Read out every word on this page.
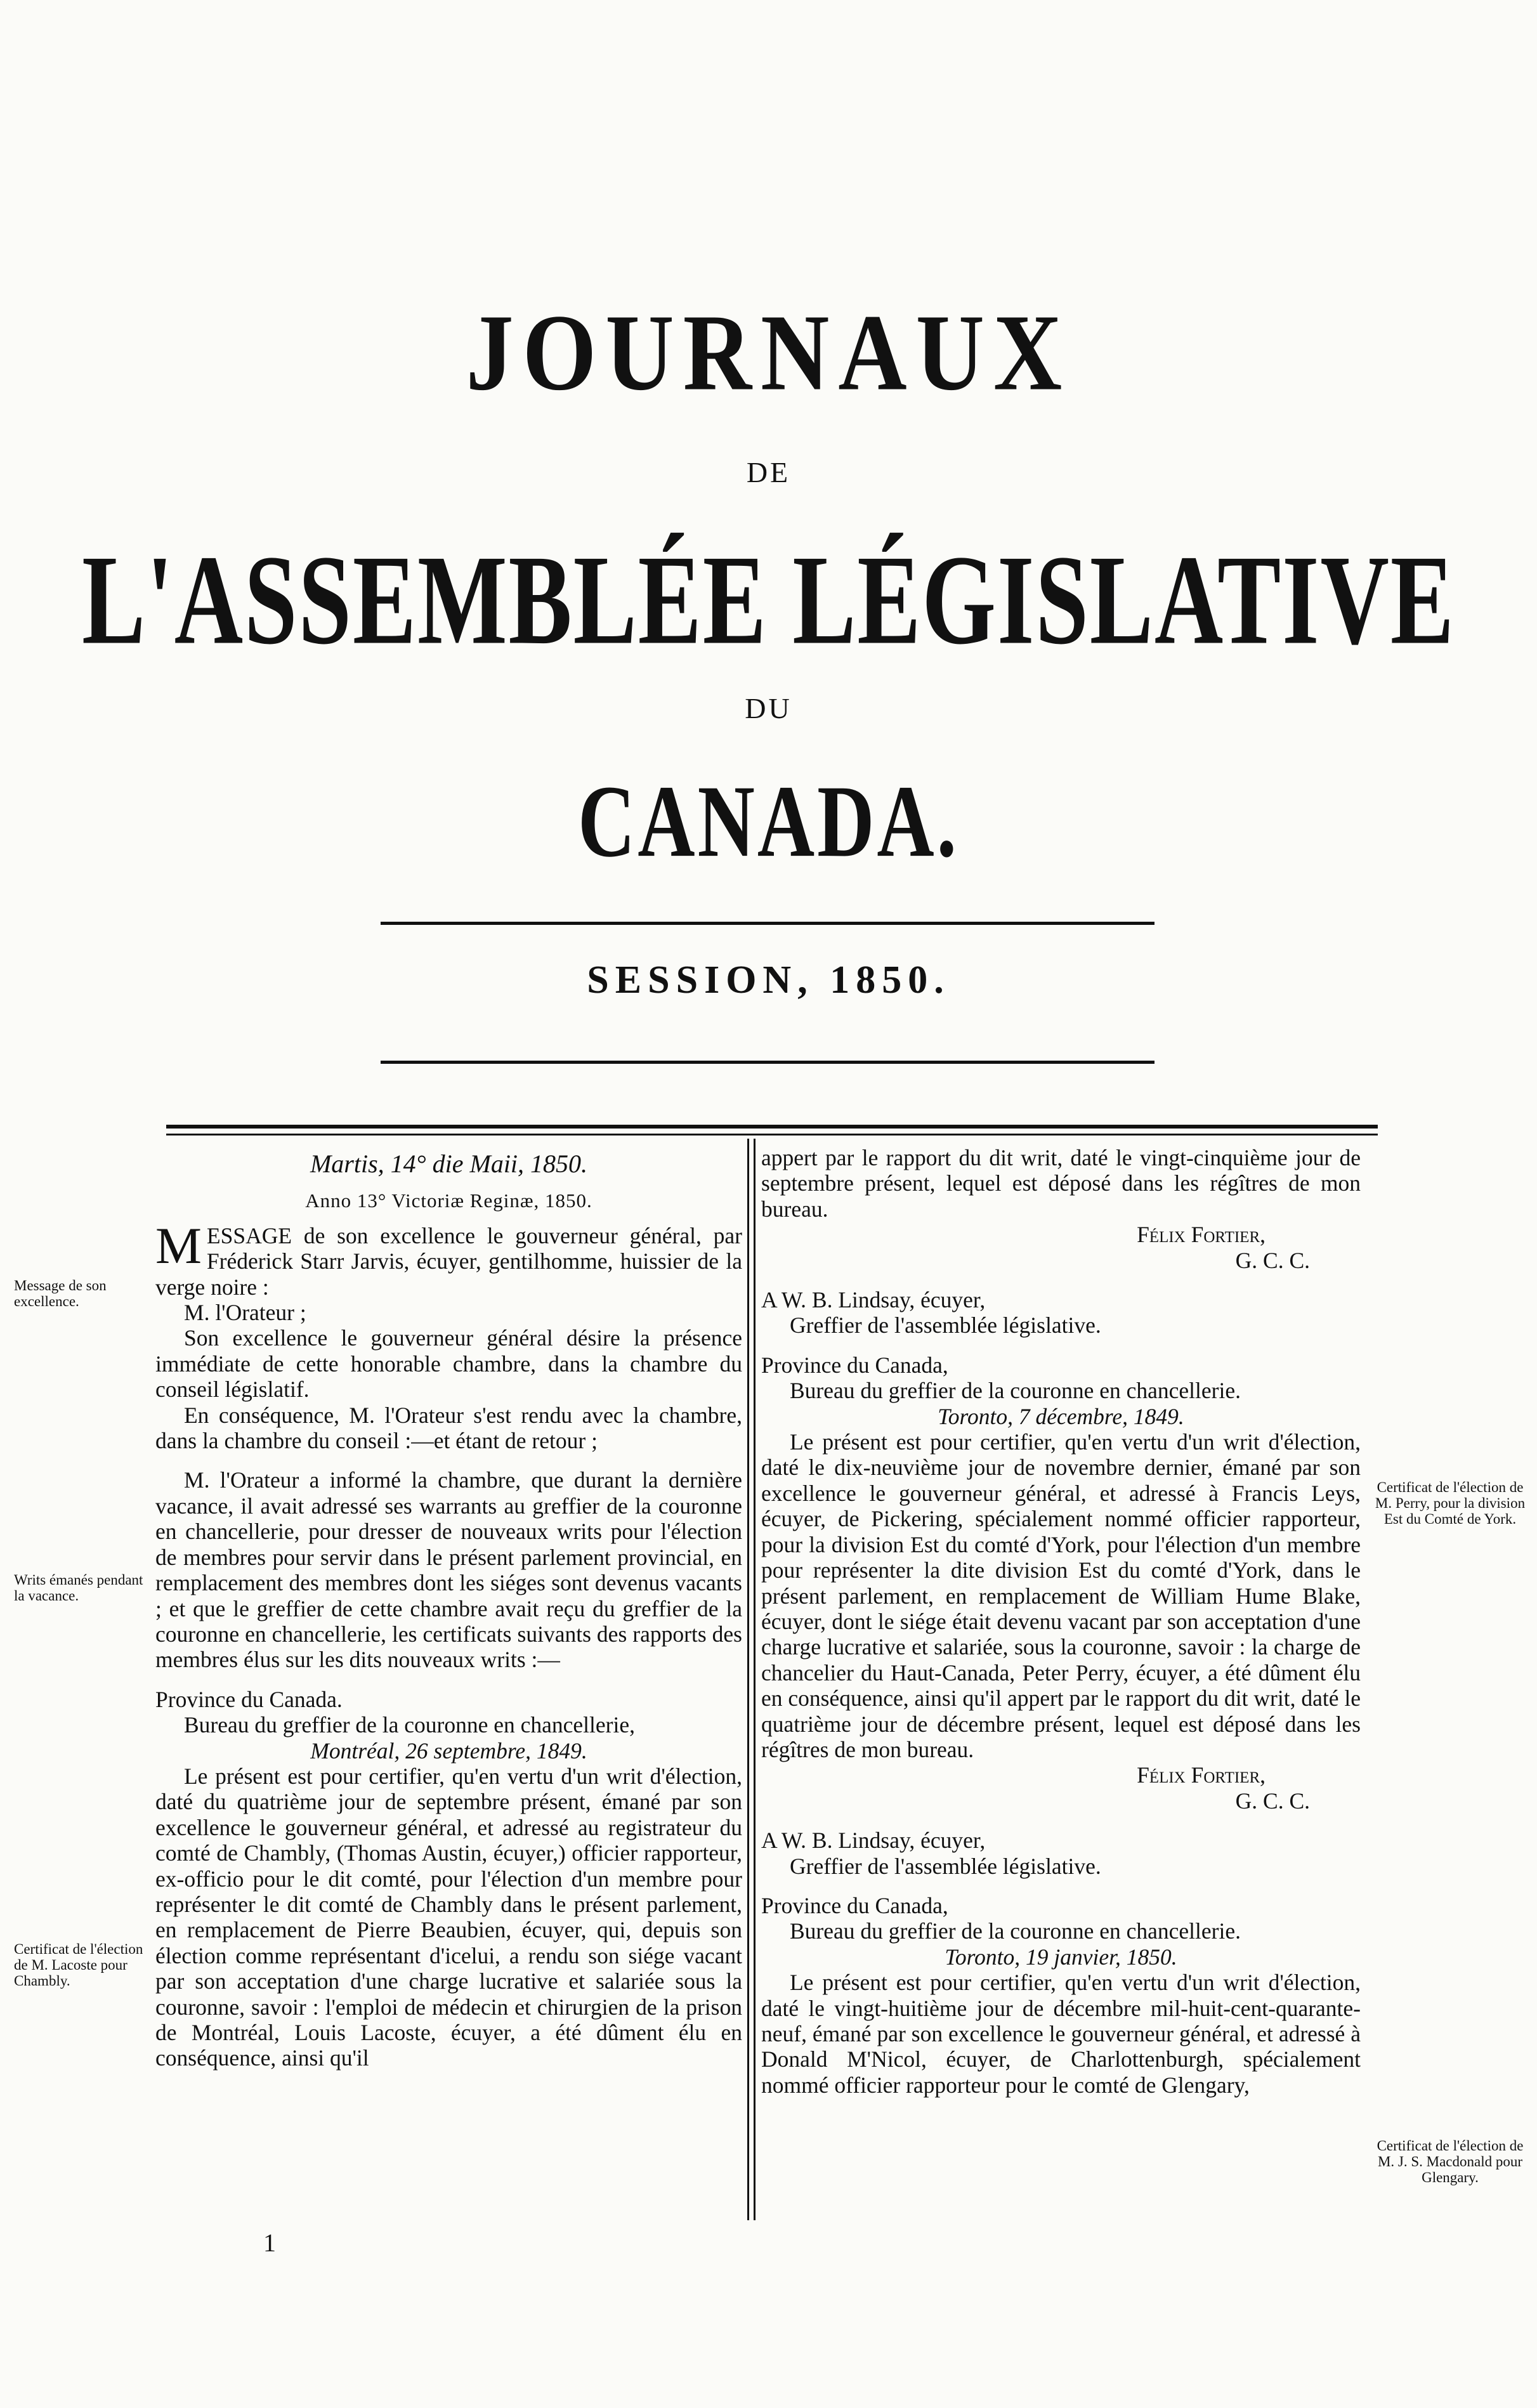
JOURNAUX
DE
L'ASSEMBLÉE LÉGISLATIVE
DU
CANADA.
SESSION, 1850.

Martis, 14° die Maii, 1850.

Anno 13° Victoriæ Reginæ, 1850.

MESSAGE de son excellence le gouverneur général, par Fréderick Starr Jarvis, écuyer, gentilhomme, huissier de la verge noire :

M. l'Orateur ;

Son excellence le gouverneur général désire la présence immédiate de cette honorable chambre, dans la chambre du conseil législatif.

En conséquence, M. l'Orateur s'est rendu avec la chambre, dans la chambre du conseil :—et étant de retour ;

M. l'Orateur a informé la chambre, que durant la dernière vacance, il avait adressé ses warrants au greffier de la couronne en chancellerie, pour dresser de nouveaux writs pour l'élection de membres pour servir dans le présent parlement provincial, en remplacement des membres dont les siéges sont devenus vacants ; et que le greffier de cette chambre avait reçu du greffier de la couronne en chancellerie, les certificats suivants des rapports des membres élus sur les dits nouveaux writs :—

Province du Canada.

Bureau du greffier de la couronne en chancellerie,

Montréal, 26 septembre, 1849.

Le présent est pour certifier, qu'en vertu d'un writ d'élection, daté du quatrième jour de septembre présent, émané par son excellence le gouverneur général, et adressé au registrateur du comté de Chambly, (Thomas Austin, écuyer,) officier rapporteur, ex-officio pour le dit comté, pour l'élection d'un membre pour représenter le dit comté de Chambly dans le présent parlement, en remplacement de Pierre Beaubien, écuyer, qui, depuis son élection comme représentant d'icelui, a rendu son siége vacant par son acceptation d'une charge lucrative et salariée sous la couronne, savoir : l'emploi de médecin et chirurgien de la prison de Montréal, Louis Lacoste, écuyer, a été dûment élu en conséquence, ainsi qu'il

appert par le rapport du dit writ, daté le vingt-cinquième jour de septembre présent, lequel est déposé dans les régîtres de mon bureau.

Félix Fortier,

G. C. C.

A W. B. Lindsay, écuyer,

Greffier de l'assemblée législative.

Province du Canada,

Bureau du greffier de la couronne en chancellerie.

Toronto, 7 décembre, 1849.

Le présent est pour certifier, qu'en vertu d'un writ d'élection, daté le dix-neuvième jour de novembre dernier, émané par son excellence le gouverneur général, et adressé à Francis Leys, écuyer, de Pickering, spécialement nommé officier rapporteur, pour la division Est du comté d'York, pour l'élection d'un membre pour représenter la dite division Est du comté d'York, dans le présent parlement, en remplacement de William Hume Blake, écuyer, dont le siége était devenu vacant par son acceptation d'une charge lucrative et salariée, sous la couronne, savoir : la charge de chancelier du Haut-Canada, Peter Perry, écuyer, a été dûment élu en conséquence, ainsi qu'il appert par le rapport du dit writ, daté le quatrième jour de décembre présent, lequel est déposé dans les régîtres de mon bureau.

Félix Fortier,

G. C. C.

A W. B. Lindsay, écuyer,

Greffier de l'assemblée législative.

Province du Canada,

Bureau du greffier de la couronne en chancellerie.

Toronto, 19 janvier, 1850.

Le présent est pour certifier, qu'en vertu d'un writ d'élection, daté le vingt-huitième jour de décembre mil-huit-cent-quarante-neuf, émané par son excellence le gouverneur général, et adressé à Donald M'Nicol, écuyer, de Charlottenburgh, spécialement nommé officier rapporteur pour le comté de Glengary,

Message de son excellence.
Writs émanés pendant la vacance.
Certificat de l'élection de M. Lacoste pour Chambly.
Certificat de l'élection de M. Perry, pour la division Est du Comté de York.
Certificat de l'élection de M. J. S. Macdonald pour Glengary.
1
